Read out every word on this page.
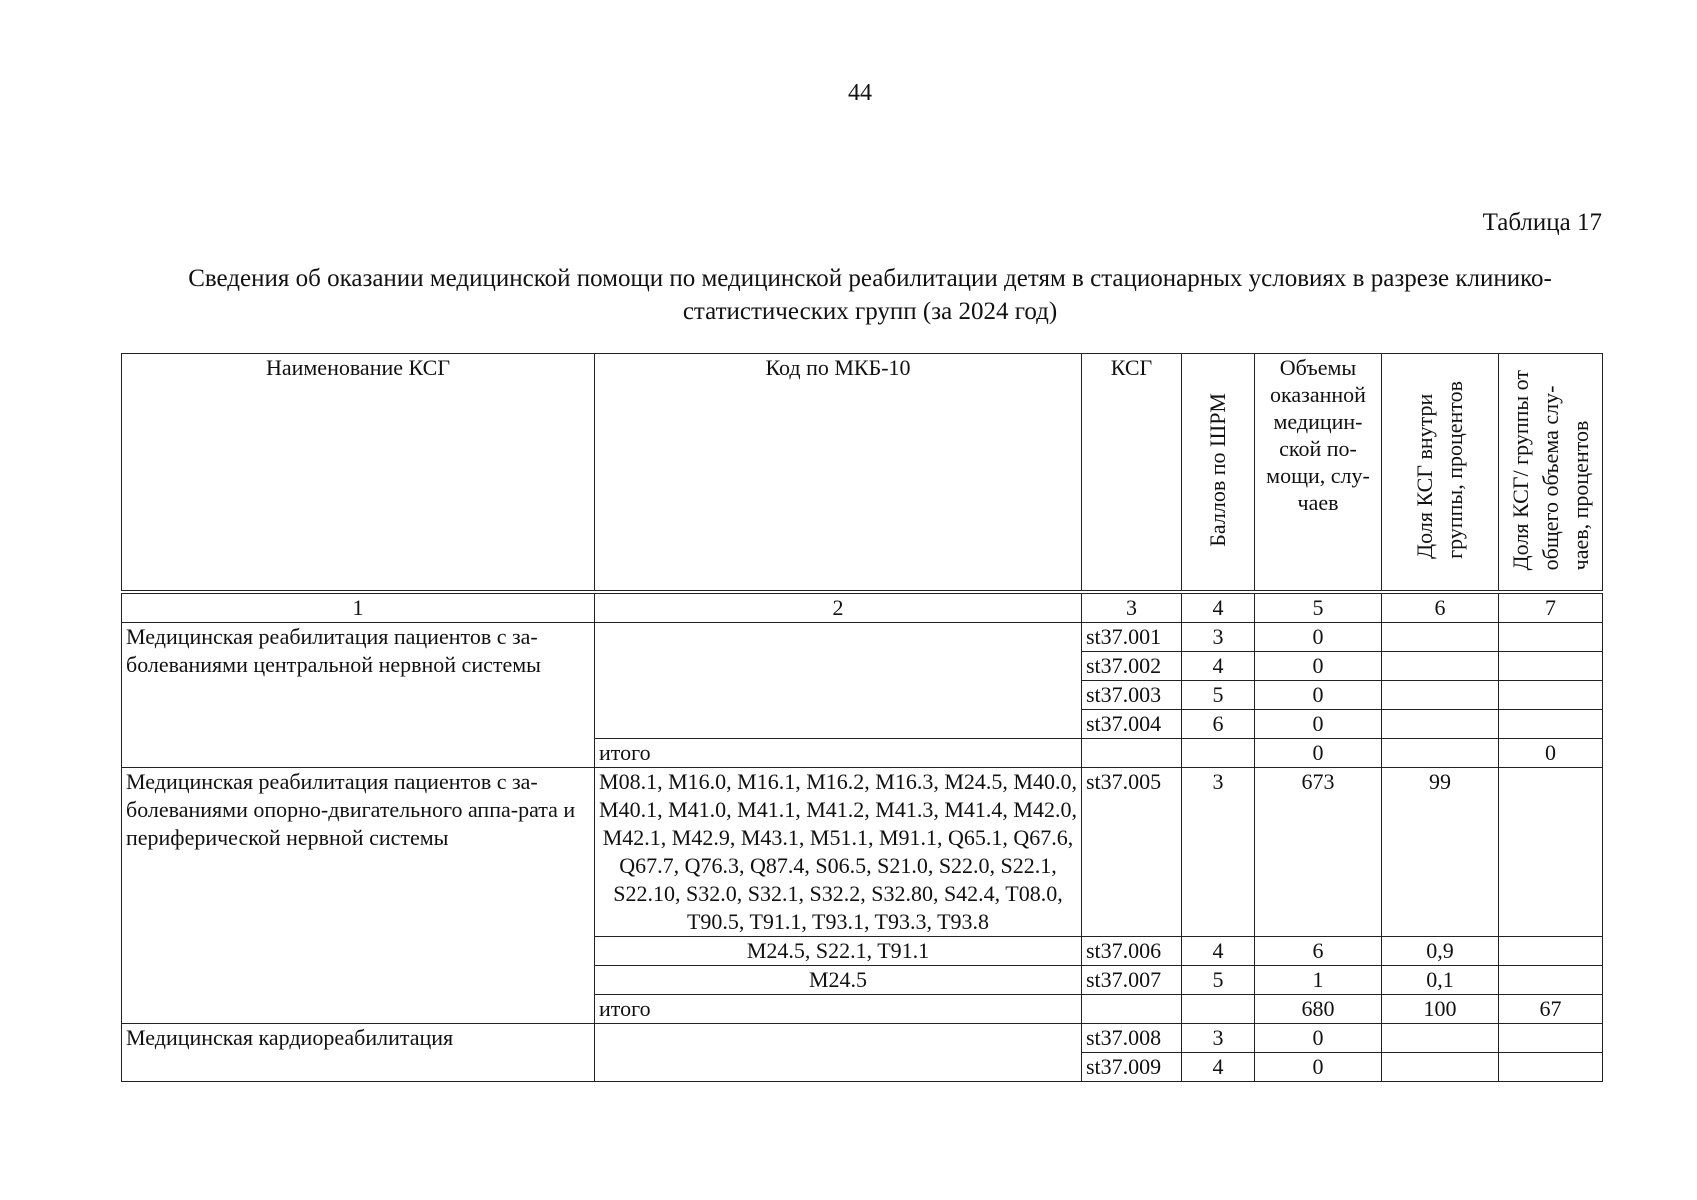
44
Таблица 17
Сведения об оказании медицинской помощи по медицинской реабилитации детям в стационарных условиях в разрезе клинико-статистических групп (за 2024 год)
Наименование КСГ	Код по МКБ-10	КСГ	Баллов по ШРМ	Объемы оказанной медицин-ской по-мощи, слу-чаев	Доля КСГ внутри группы, процентов	Доля КСГ/ группы от общего объема слу- чаев, процентов

1	2	3	4	5	6	7
Медицинская реабилитация пациентов с за-болеваниями центральной нервной системы		st37.001	3	0		
		st37.002	4	0		
		st37.003	5	0		
		st37.004	6	0		
	итого			0		0
Медицинская реабилитация пациентов с за-болеваниями опорно-двигательного аппа-рата и периферической нервной системы	M08.1, M16.0, M16.1, M16.2, M16.3, M24.5, M40.0, M40.1, M41.0, M41.1, M41.2, M41.3, M41.4, M42.0, M42.1, M42.9, M43.1, M51.1, M91.1, Q65.1, Q67.6, Q67.7, Q76.3, Q87.4, S06.5, S21.0, S22.0, S22.1, S22.10, S32.0, S32.1, S32.2, S32.80, S42.4, T08.0, T90.5, T91.1, T93.1, T93.3, T93.8	st37.005	3	673	99	
	M24.5, S22.1, T91.1	st37.006	4	6	0,9	
	M24.5	st37.007	5	1	0,1	
	итого			680	100	67
Медицинская кардиореабилитация		st37.008	3	0		
		st37.009	4	0		
